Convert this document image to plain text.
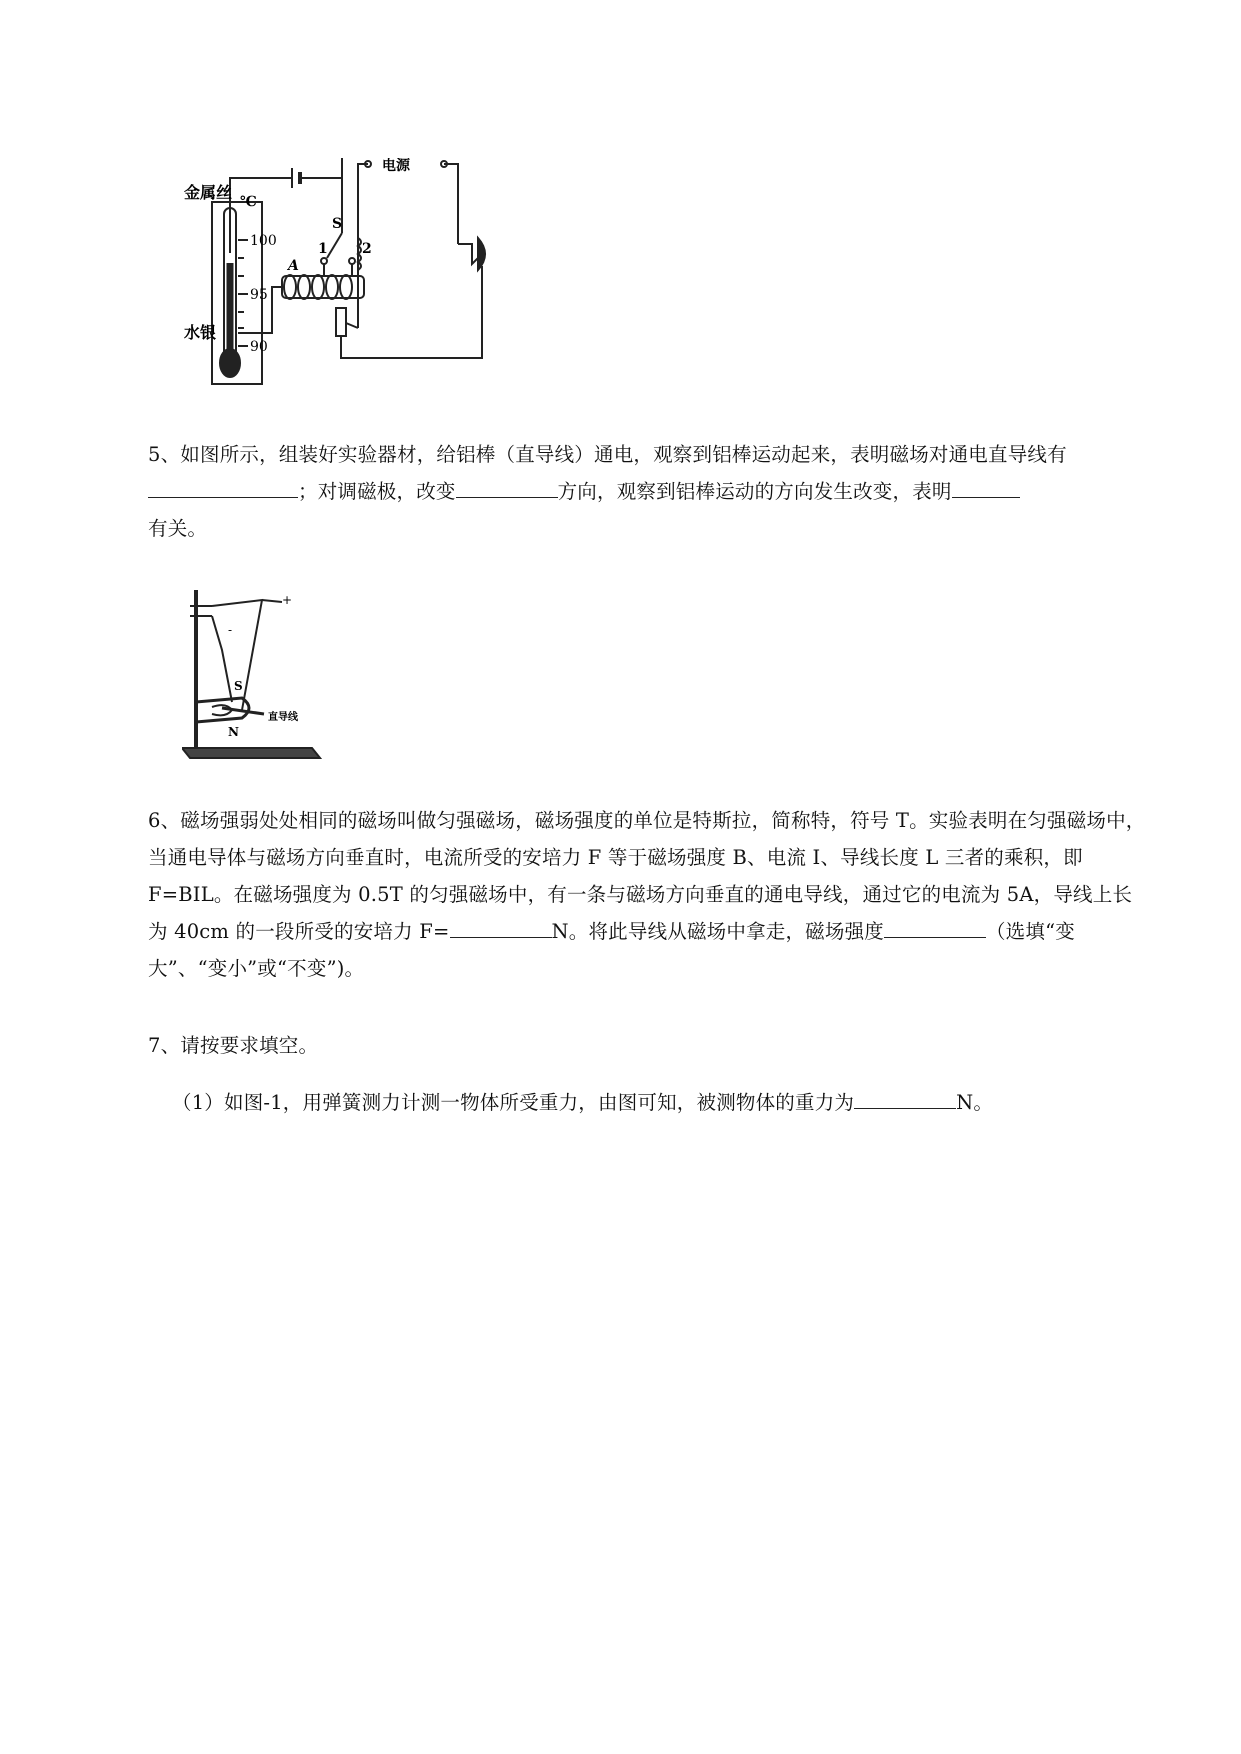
金属丝
水银
℃
100
95
90
电源
S
1 2
A
5、如图所示，组装好实验器材，给铝棒（直导线）通电，观察到铝棒运动起来，表明磁场对通电直导线有；对调磁极，改变	方向，观察到铝棒运动的方向发生改变，表明
有关。
+
-
S
N
直导线
6、磁场强弱处处相同的磁场叫做匀强磁场，磁场强度的单位是特斯拉，简称特，符号 T。实验表明在匀强磁场中，当通电导体与磁场方向垂直时，电流所受的安培力 F 等于磁场强度 B、电流 I、导线长度 L 三者的乘积，即 F=BIL。在磁场强度为 0.5T 的匀强磁场中，有一条与磁场方向垂直的通电导线，通过它的电流为 5A，导线上长为 40cm 的一段所受的安培力 F=	N。将此导线从磁场中拿走，磁场强度	（选填“变大”、“变小”或“不变”)。
7、请按要求填空。
（1）如图-1，用弹簧测力计测一物体所受重力，由图可知，被测物体的重力为	N。
